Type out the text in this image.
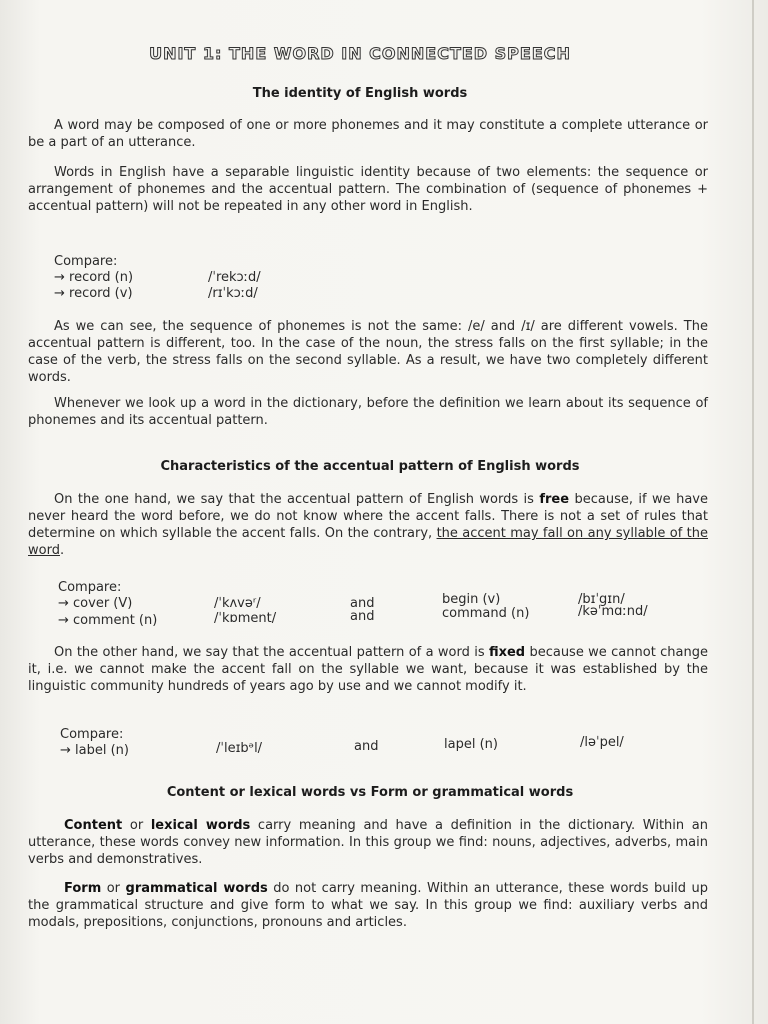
UNIT 1: THE WORD IN CONNECTED SPEECH
The identity of English words
A word may be composed of one or more phonemes and it may constitute a complete utterance or be a part of an utterance.
Words in English have a separable linguistic identity because of two elements: the sequence or arrangement of phonemes and the accentual pattern. The combination of (sequence of phonemes + accentual pattern) will not be repeated in any other word in English.
Compare:
→ record (n)	/ˈrekɔːd/
→ record (v)	/rɪˈkɔːd/
As we can see, the sequence of phonemes is not the same: /e/ and /ɪ/ are different vowels. The accentual pattern is different, too. In the case of the noun, the stress falls on the first syllable; in the case of the verb, the stress falls on the second syllable. As a result, we have two completely different words.
Whenever we look up a word in the dictionary, before the definition we learn about its sequence of phonemes and its accentual pattern.
Characteristics of the accentual pattern of English words
On the one hand, we say that the accentual pattern of English words is free because, if we have never heard the word before, we do not know where the accent falls. There is not a set of rules that determine on which syllable the accent falls. On the contrary, the accent may fall on any syllable of the word.
Compare:
→ cover (V)	/ˈkʌvəʳ/	and	begin (v)	/bɪˈgɪn/
→ comment (n)	/ˈkɒment/	and	command (n)	/kəˈmɑːnd/
On the other hand, we say that the accentual pattern of a word is fixed because we cannot change it, i.e. we cannot make the accent fall on the syllable we want, because it was established by the linguistic community hundreds of years ago by use and we cannot modify it.
Compare:
→ label (n)	/ˈleɪbᵊl/	and	lapel (n)	/ləˈpel/
Content or lexical words vs Form or grammatical words
Content or lexical words carry meaning and have a definition in the dictionary. Within an utterance, these words convey new information. In this group we find: nouns, adjectives, adverbs, main verbs and demonstratives.
Form or grammatical words do not carry meaning. Within an utterance, these words build up the grammatical structure and give form to what we say. In this group we find: auxiliary verbs and modals, prepositions, conjunctions, pronouns and articles.
